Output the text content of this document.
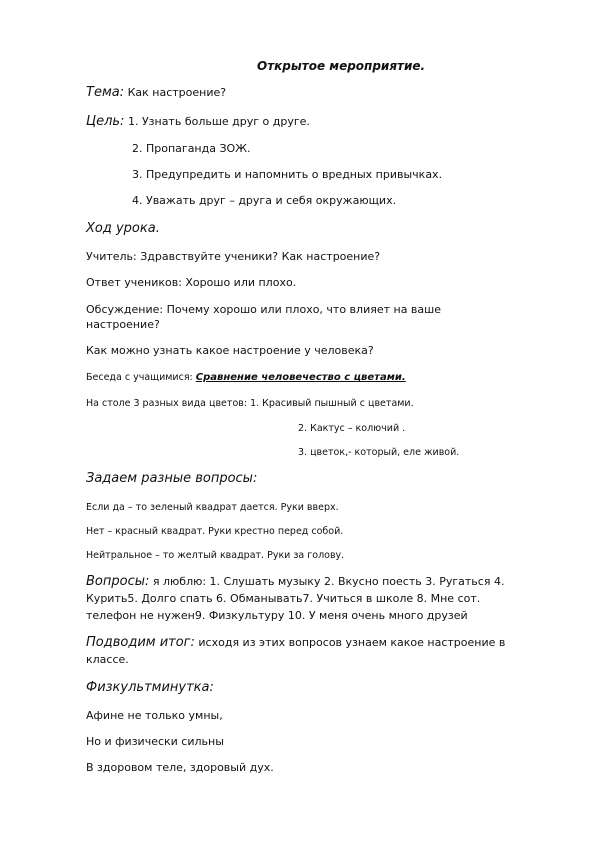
Открытое мероприятие.
Тема: Как настроение?
Цель: 1. Узнать больше друг о друге.
2. Пропаганда ЗОЖ.
3. Предупредить и напомнить о вредных привычках.
4. Уважать друг – друга и себя окружающих.
Ход урока.
Учитель: Здравствуйте ученики? Как настроение?
Ответ учеников: Хорошо или плохо.
Обсуждение: Почему хорошо или плохо, что влияет на ваше
настроение?
Как можно узнать какое настроение у человека?
Беседа с учащимися: Сравнение человечество с цветами.
На столе 3 разных вида цветов: 1. Красивый пышный с цветами.
2. Кактус – колючий .
3. цветок,- который, еле живой.
Задаем разные вопросы:
Если да – то зеленый квадрат дается. Руки вверх.
Нет – красный квадрат. Руки крестно перед собой.
Нейтральное – то желтый квадрат. Руки за голову.
Вопросы: я люблю: 1. Слушать музыку 2. Вкусно поесть 3. Ругаться 4.
Курить5. Долго спать 6. Обманывать7. Учиться в школе 8. Мне сот.
телефон не нужен9. Физкультуру 10. У меня очень много друзей
Подводим итог: исходя из этих вопросов узнаем какое настроение в
классе.
Физкультминутка:
Афине не только умны,
Но и физически сильны
В здоровом теле, здоровый дух.
